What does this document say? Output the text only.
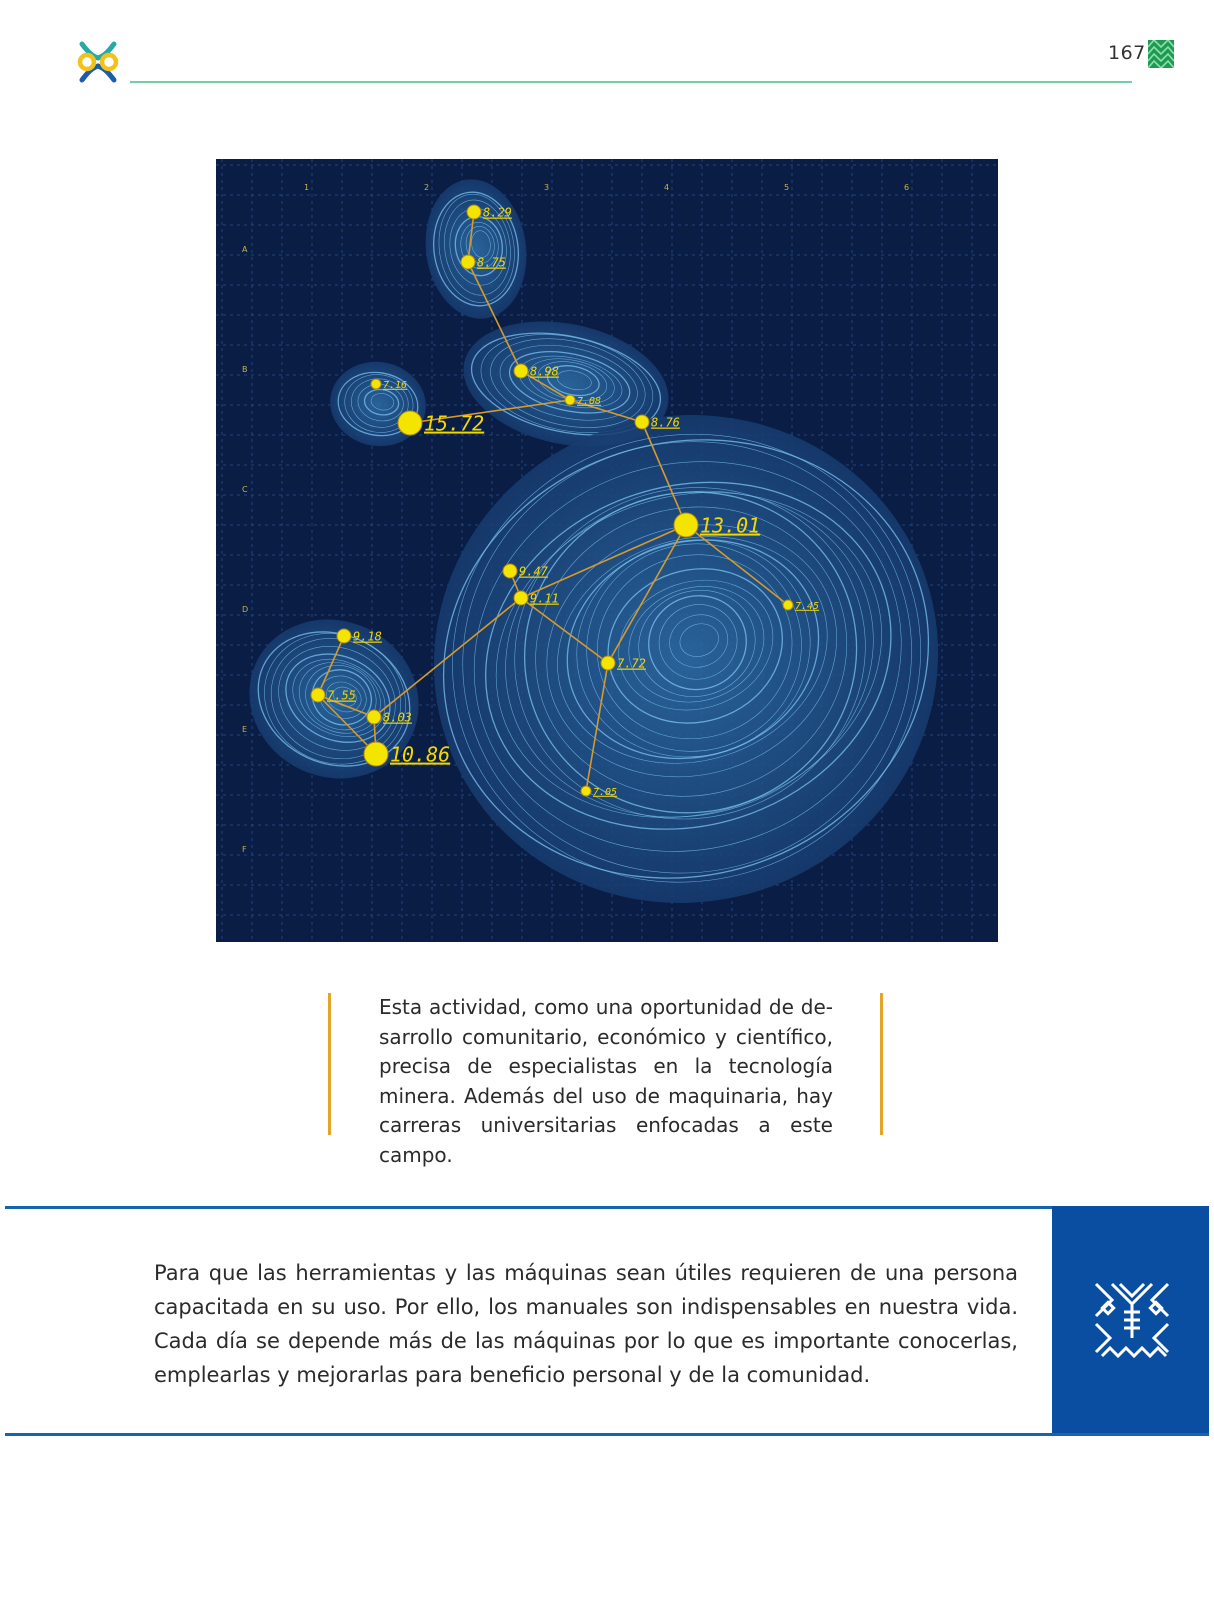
167
1	2	3	4	5	6
A
B
C
D
E
F
8.29
8.75
8.98
7.08
7.16
15.72	8.76
13.01
9.47
9.11
7.45
9.18
7.72
7.55
8.03
10.86
7.05
Esta actividad, como una oportunidad de desarrollo comunitario, económico y científico, precisa de especialistas en la tecnología minera. Además del uso de maquinaria, hay carreras universitarias enfocadas a este campo.
Para que las herramientas y las máquinas sean útiles requieren de una persona capacitada en su uso. Por ello, los manuales son indispensables en nuestra vida. Cada día se depende más de las máquinas por lo que es importante conocerlas, emplearlas y mejorarlas para beneficio personal y de la comunidad.
